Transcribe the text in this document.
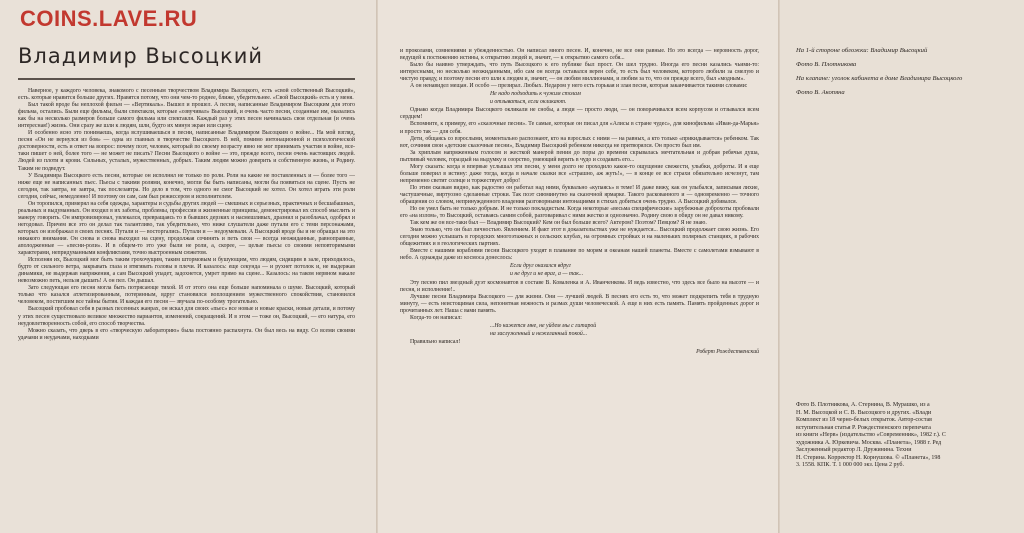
COINS.LAVE.RU
Владимир Высоцкий

Наверное, у каждого человека, знакомого с песенным творчеством Владимира Высоцкого, есть «свой собственный Высоцкий», есть. которые нравится больше других. Нравятся потому, что они чем-то роднее, ближе, убедительнее. «Свой Высоцкий» есть и у меня.

Был такой вроде бы неплохой фильм — «Вертикаль». Вышел и прошел. А песни, написанные Владимиром Высоцким для этого фильма, остались. Были еще фильмы, были спектакли, которые «озвучивал» Высоцкий, и очень часто песни, созданные им, оказались как бы на несколько размеров больше самого фильма или спектакля. Каждый раз у этих песен начиналась своя отдельная (и очень интересная!) жизнь. Они сразу же шли к людям, шли, будто их минуя экран или сцену.

И особенно ясно это понимаешь, когда вслушиваешься в песни, написанные Владимиром Высоцким о войне... На мой взгляд, песня «Он не вернулся из боя» — одна из главных в творчестве Высоцкого. В ней, помимо интонационной и психологической достоверности, есть и ответ на вопрос: почему поэт, человек, который по своему возрасту явно не мог принимать участия в войне, все-таки пишет о ней, более того — не может не писать? Песни Высоцкого о войне — это, прежде всего, песни очень настоящих людей. Людей из плоти и крови. Сильных, усталых, мужественных, добрых. Таким людям можно доверить и собственную жизнь, и Родину. Таким не подведут.

У Владимира Высоцкого есть песни, которые он исполнял не только по роли. Роли на какие не поставленных и — более того — ниже еще не написанных пьес. Пьесы с такими ролями, конечно, могли бы быть написаны, могли бы появиться на сцене. Пусть не сегодня, так завтра, не завтра, так послезавтра. Но дело в том, что одного не смог Высоцкий не хотел. Он хотел играть эти роли сегодня, сейчас, немедленно! И поэтому он сам, сам был режиссером и исполнителем.

Он торопился, примерял на себя одежды, характеры и судьбы других людей — смешных и серьезных, практичных и бесшабашных, реальных и выдуманных. Он входил в их заботы, проблемы, профессии и жизненные принципы, демонстрировал их способ мыслить и манеру говорить. Он импровизировал, увлекался, превращаясь то в бывших дерзких и насмешливых, дразнил и разоблачал, одобрял и негодовал. Причем все это он делал так талантливо, так убедительно, что ниже слушатели даже путали его с теми персонажами, которых он изображал в своих песнях. Путали и — восторгались. Путали и — недоумевали. А Высоцкий вроде бы и не обращал на это никакого внимания. Он снова и снова выходил на сцену, продолжая сочинять и петь свои — всегда неожиданные, равноправные, аполодженные — «песни-роли». И в общем-то это уже были не роли, а, скорее, — целые пьесы со своими неповторимыми характерами, непридуманными конфликтами, точно выстроенным сюжетом.

Исполняя их, Высоцкий мог быть таким грохочущим, таким штормовым и бушующим, что людям, сидящим в зале, приходилось, будто от сильного ветра, закрывать глаза и втягивать головы в плечи. И казалось: еще секунда — и рухнет потолок и, не выдержав динамики, не выдержав напряжения, а сам Высоцкий упадет, задохнется, умрет прямо на сцене... Казалось: на таком нервном накале невозможно петь, нельзя дышать! А он пел. Он дышал.

Зато следующая его песня могла быть потрясающе тихой. И от этого она еще больше напоминала о шуме. Высоцкий, который только что казался атлетизированным, потерянным, вдруг становился воплощением мужественного спокойствия, становился человеком, постигшим все тайны бытия. И каждая его песня — звучала по-особому трогательно.

Высоцкий пробовал себя в разных песенных жанрах, он искал для своих «пьес» все новые и новые краски, новые детали, и потому у этих песен существовало великое множество вариантов, изменений, сокращений. И в этом — тоже он, Высоцкий, — его натура, его неудовлетворенность собой, его способ творчества.

Можно сказать, что дверь в его «творческую лабораторию» была постоянно распахнута. Он был весь на виду. Со всеми своими удачами и неудачами, находками

и проколами, сомнениями и убежденностью. Он написал много песен. И, конечно, не все они равные. Но это всегда — неровность дорог, ведущей к постижению истины, к открытию людей и, значит, — к открытию самого себя...

Было бы наивно утверждать, что путь Высоцкого к его публике был прост. Он шел трудно. Иногда его песни казались чьими-то: интересными, но несколько неожиданными, ибо сам он всегда оставался верен себе, то есть был человеком, которого любили за смелую и чистую правду, и поэтому песни его шли к людям и, значит, — он любим миллионами, и любим за то, что он прежде всего, был «модным».

А он ненавидел мещан. И особо — презирал. Любых. Недаром у него есть горькая и злая песня, которая заканчивается такими словами:

Не надо подходить к чужим столам

и отзываться, если окликают.

Однако когда Владимира Высоцкого окликали не снобы, а люди — просто люди, — он поворачивался всем корпусом и отзывался всем сердцем!

Вспомните, к примеру, его «сказочные песни». Те самые, которые он писал для «Алисы в стране чудес», для кинофильма «Иван-да-Марья» и просто так — для себя.

Дети, общаясь со взрослыми, моментально распознают, кто на взрослых с ними — на равных, а кто только «прикидывается» ребенком. Так вот, сочиняя свои «детские сказочные песни», Владимир Высоцкий ребенком никогда не притворялся. Он просто был им.

За хриплым напряженным голосом и жесткой манерой пения до поры до времени скрывалась мечтательная и добрая ребячья душа, пытливый человек, гораздый на выдумку и озорство, умеющий верить в чудо и создавать его...

Могу сказать: когда я впервые услышал эти песни, у меня долго не проходило какое-то ощущение свежести, улыбки, доброты. И я еще больше поверил в истину: даже тогда, когда в начале сказки все «страшно, аж жуть!», — в конце ее все страхи обязательно исчезнут, там непременно светит солнце и торжествует добро!

По этим сказкам видно, как радостно он работал над ними, буквально «купаясь» в теме! И даже вижу, как он улыбался, записывая лихие, частушечные, виртуозно сделанные строки. Так поэт сиюминутно на сказочной ярмарке. Такого раскованного и — одновременно — точного обращения со словом, непринужденного владения разговорными интонациями в стихах добиться очень трудно. А Высоцкий добивался.

Но он умел быть не только добрым. И не только покладистым. Когда некоторые «весьма специфические» зарубежные доброхоты пробовали его «на излом», то Высоцкий, оставаясь самим собой, разговаривал с ними жестко и однозначно. Родину свою в обиду он не давал никому.

Так кем же он все-таки был — Владимир Высоцкий? Кем он был больше всего? Актером? Поэтом? Певцом? Я не знаю.

Знаю только, что он был личностью. Явлением. И факт этот в доказательствах уже не нуждается... Высоцкий продолжает свою жизнь. Его сегодня можно услышать в городских многоэтажных и сельских клубах, на огромных стройках и на маленьких полярных станциях, в рабочих общежитиях и в геологических партиях.

Вместе с нашими кораблями песни Высоцкого уходят в плавание по морям и океанам нашей планеты. Вместе с самолетами взмывают в небо. А однажды даже из космоса донеслось:

Если друг оказался вдруг

и не друг и не враг, а — так...

Эту песню пил звездный дуэт космонавтов в составе В. Коваленка и А. Иванченкова. И ведь известно, что здесь все было на высоте — и песня, и исполнение!..

Лучшие песни Владимира Высоцкого — для жизни. Они — лучшей людей. В песнях его есть то, что может подкрепить тебя в трудную минуту, — есть неистощимая сила, непонятная нежность и размах души человеческой. А еще в них есть память. Память пройденных дорог и прочитанных лет. Наша с вами память.

Когда-то он написал:

...Но кажется мне, не уйдем мы с гитарой

на заслуженный и нежеланный покой...

Правильно написал!

Роберт Рождественский

На 1-й стороне обложки: Владимир Высоцкий
Фото В. Плотникова
На клапане: уголок кабинета в доме Владимира Высоцкого
Фото В. Акопяна

Фото В. Плотникова, А. Стернина, В. Мурашко, из а

Н. М. Высоцкой и С. В. Высоцкого и других. «Влади

Комплект из 18 черно-белых открыток. Автор-состав

вступительная статья Р. Рождественского перепечата

из книги «Нерв» (издательство «Современник», 1982 г.). С

художника А. Юркевича. Москва. «Планета», 1988 г. Ред

Заслуженный редактор Л. Дружинина. Техни

Н. Стерина. Корректор Н. Корнушова. © «Планета», 198

3. 1558. КПК. Т. 1 000 000 экз. Цена 2 руб.
